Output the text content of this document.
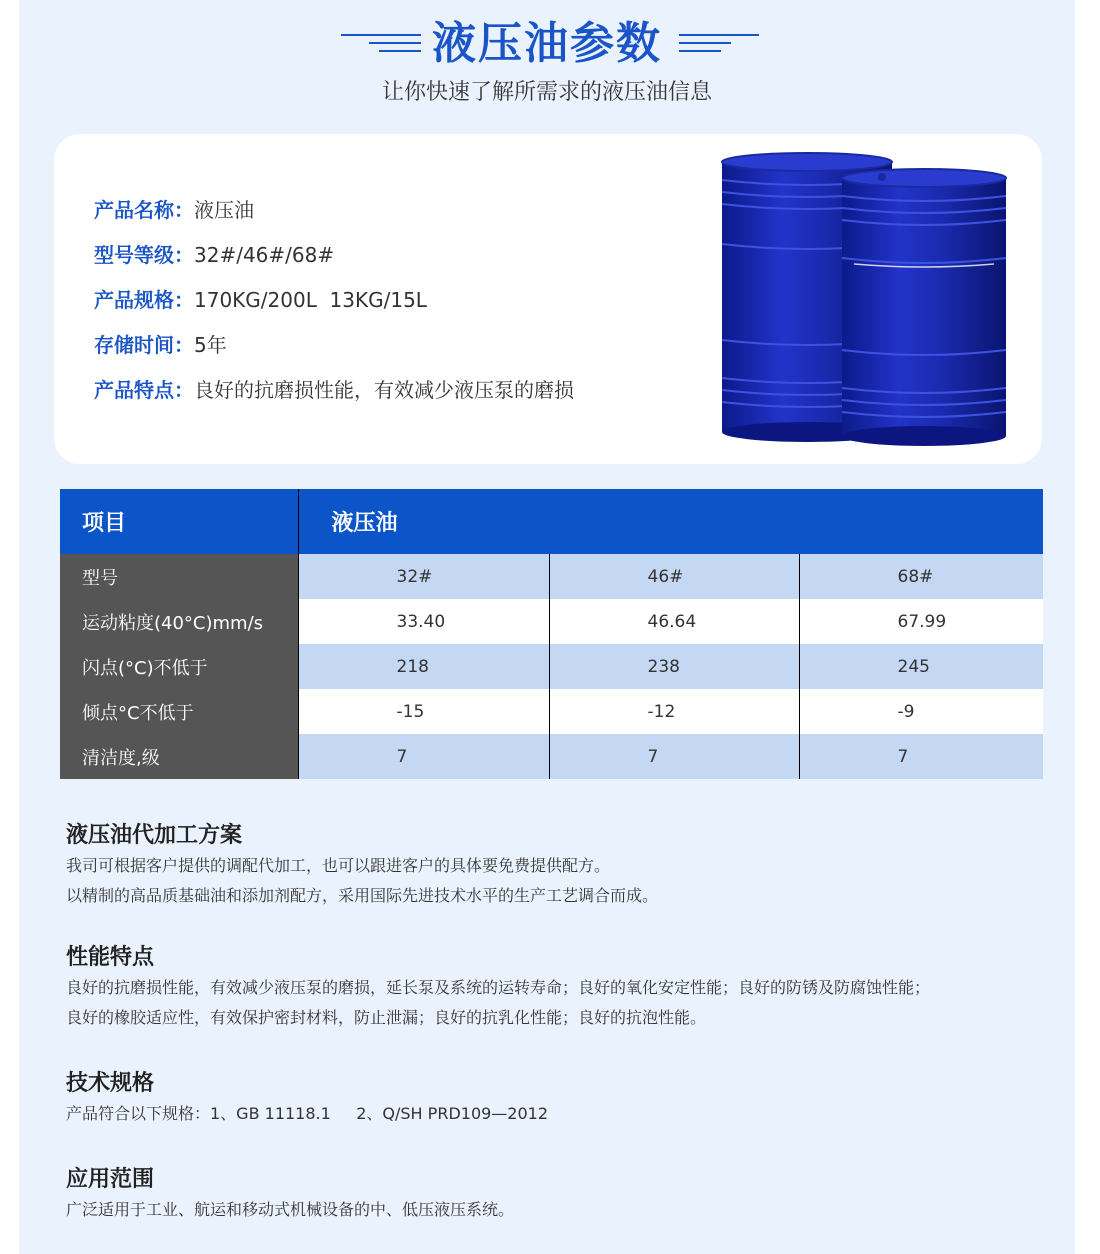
液压油参数
让你快速了解所需求的液压油信息
产品名称：液压油
型号等级：32#/46#/68#
产品规格：170KG/200L  13KG/15L
存储时间：5年
产品特点：良好的抗磨损性能，有效减少液压泵的磨损
项目	液压油		
型号	32#	46#	68#
运动粘度(40°C)mm/s	33.40	46.64	67.99
闪点(°C)不低于	218	238	245
倾点°C不低于	-15	-12	-9
清洁度,级	7	7	7
液压油代加工方案

我司可根据客户提供的调配代加工，也可以跟进客户的具体要免费提供配方。

以精制的高品质基础油和添加剂配方，采用国际先进技术水平的生产工艺调合而成。

性能特点

良好的抗磨损性能，有效减少液压泵的磨损，延长泵及系统的运转寿命；良好的氧化安定性能；良好的防锈及防腐蚀性能；

良好的橡胶适应性，有效保护密封材料，防止泄漏；良好的抗乳化性能；良好的抗泡性能。

技术规格

产品符合以下规格：1、GB 11118.1     2、Q/SH PRD109—2012

应用范围

广泛适用于工业、航运和移动式机械设备的中、低压液压系统。
